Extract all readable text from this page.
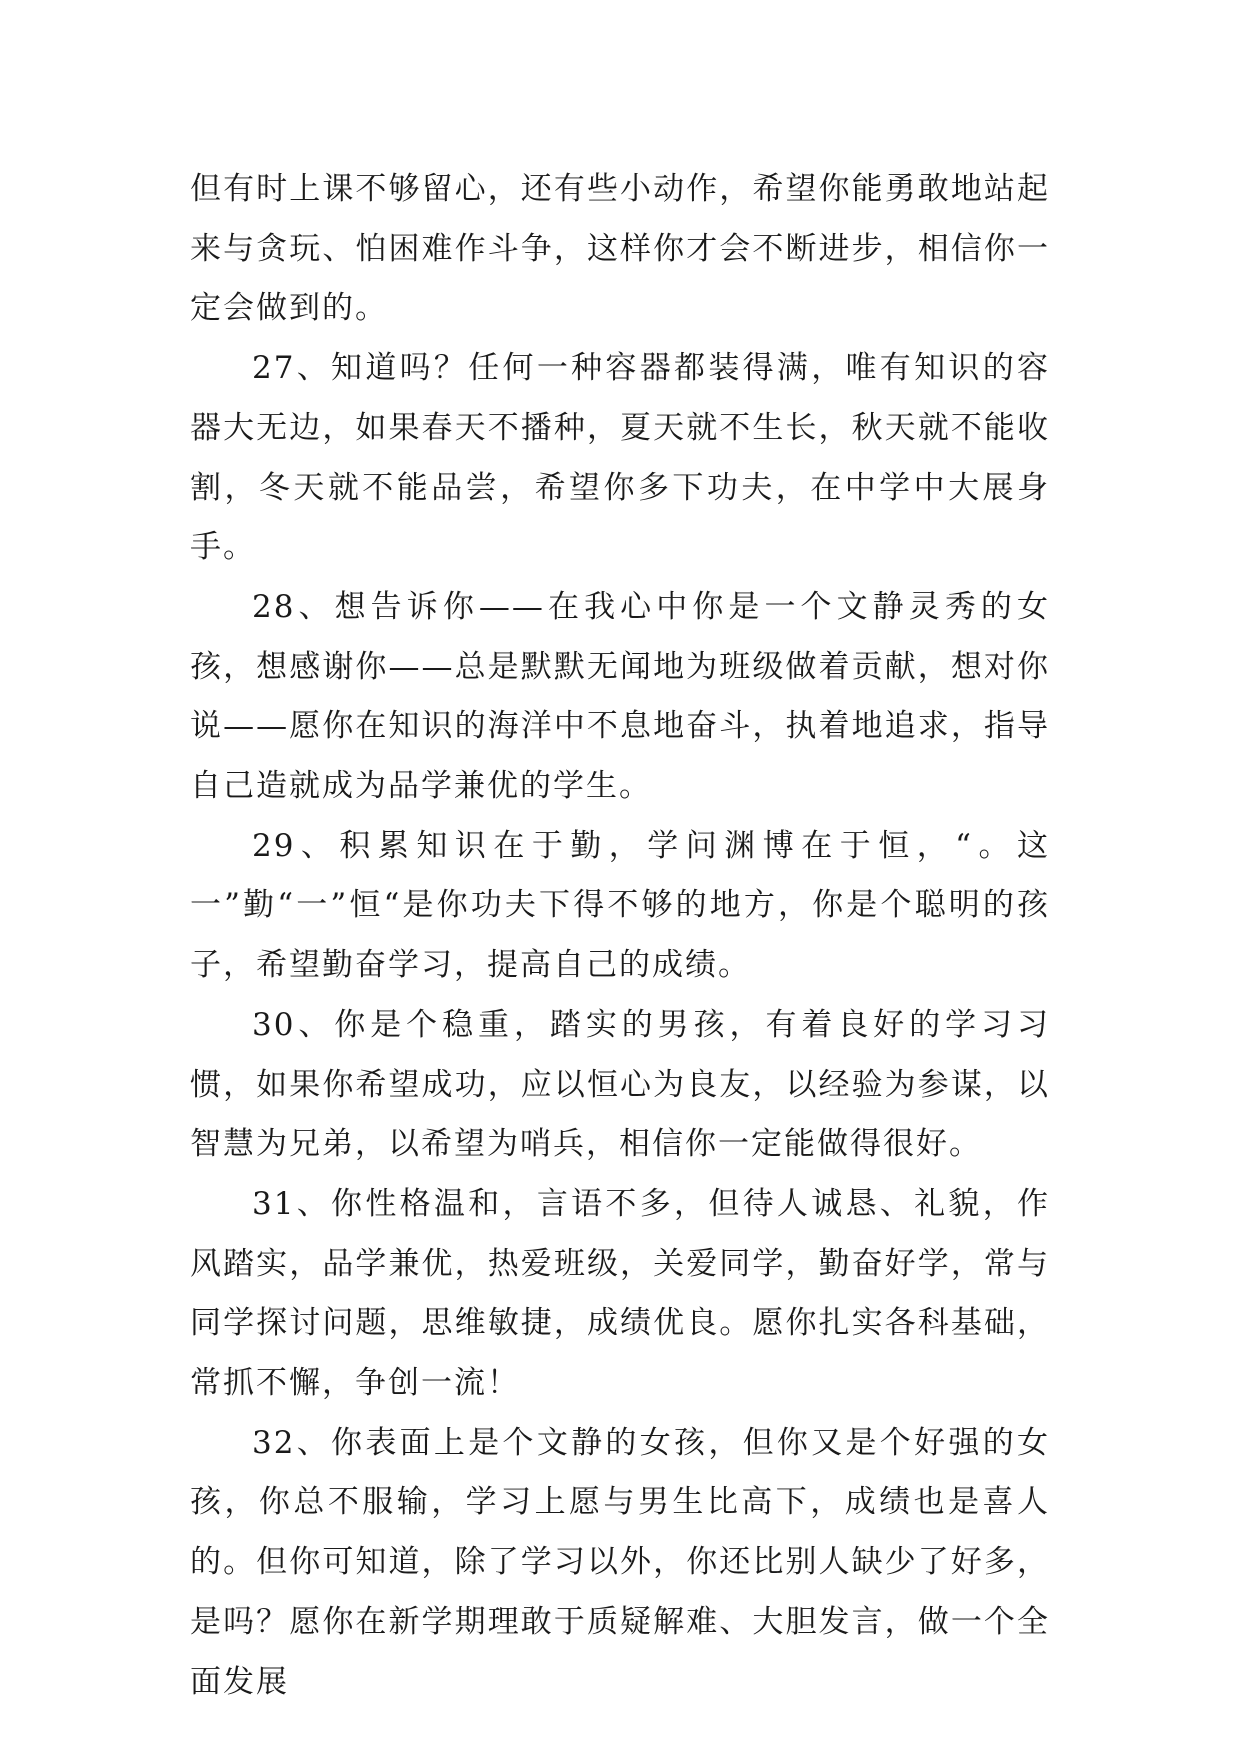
但有时上课不够留心，还有些小动作，希望你能勇敢地站起来与贪玩、怕困难作斗争，这样你才会不断进步，相信你一定会做到的。

27、知道吗？任何一种容器都装得满，唯有知识的容器大无边，如果春天不播种，夏天就不生长，秋天就不能收割，冬天就不能品尝，希望你多下功夫，在中学中大展身手。

28、想告诉你——在我心中你是一个文静灵秀的女孩，想感谢你——总是默默无闻地为班级做着贡献，想对你说——愿你在知识的海洋中不息地奋斗，执着地追求，指导自己造就成为品学兼优的学生。

29、积累知识在于勤，学问渊博在于恒，“。这一”勤“一”恒“是你功夫下得不够的地方，你是个聪明的孩子，希望勤奋学习，提高自己的成绩。

30、你是个稳重，踏实的男孩，有着良好的学习习惯，如果你希望成功，应以恒心为良友，以经验为参谋，以智慧为兄弟，以希望为哨兵，相信你一定能做得很好。

31、你性格温和，言语不多，但待人诚恳、礼貌，作风踏实，品学兼优，热爱班级，关爱同学，勤奋好学，常与同学探讨问题，思维敏捷，成绩优良。愿你扎实各科基础，常抓不懈，争创一流！

32、你表面上是个文静的女孩，但你又是个好强的女孩，你总不服输，学习上愿与男生比高下，成绩也是喜人的。但你可知道，除了学习以外，你还比别人缺少了好多，是吗？愿你在新学期理敢于质疑解难、大胆发言，做一个全面发展
